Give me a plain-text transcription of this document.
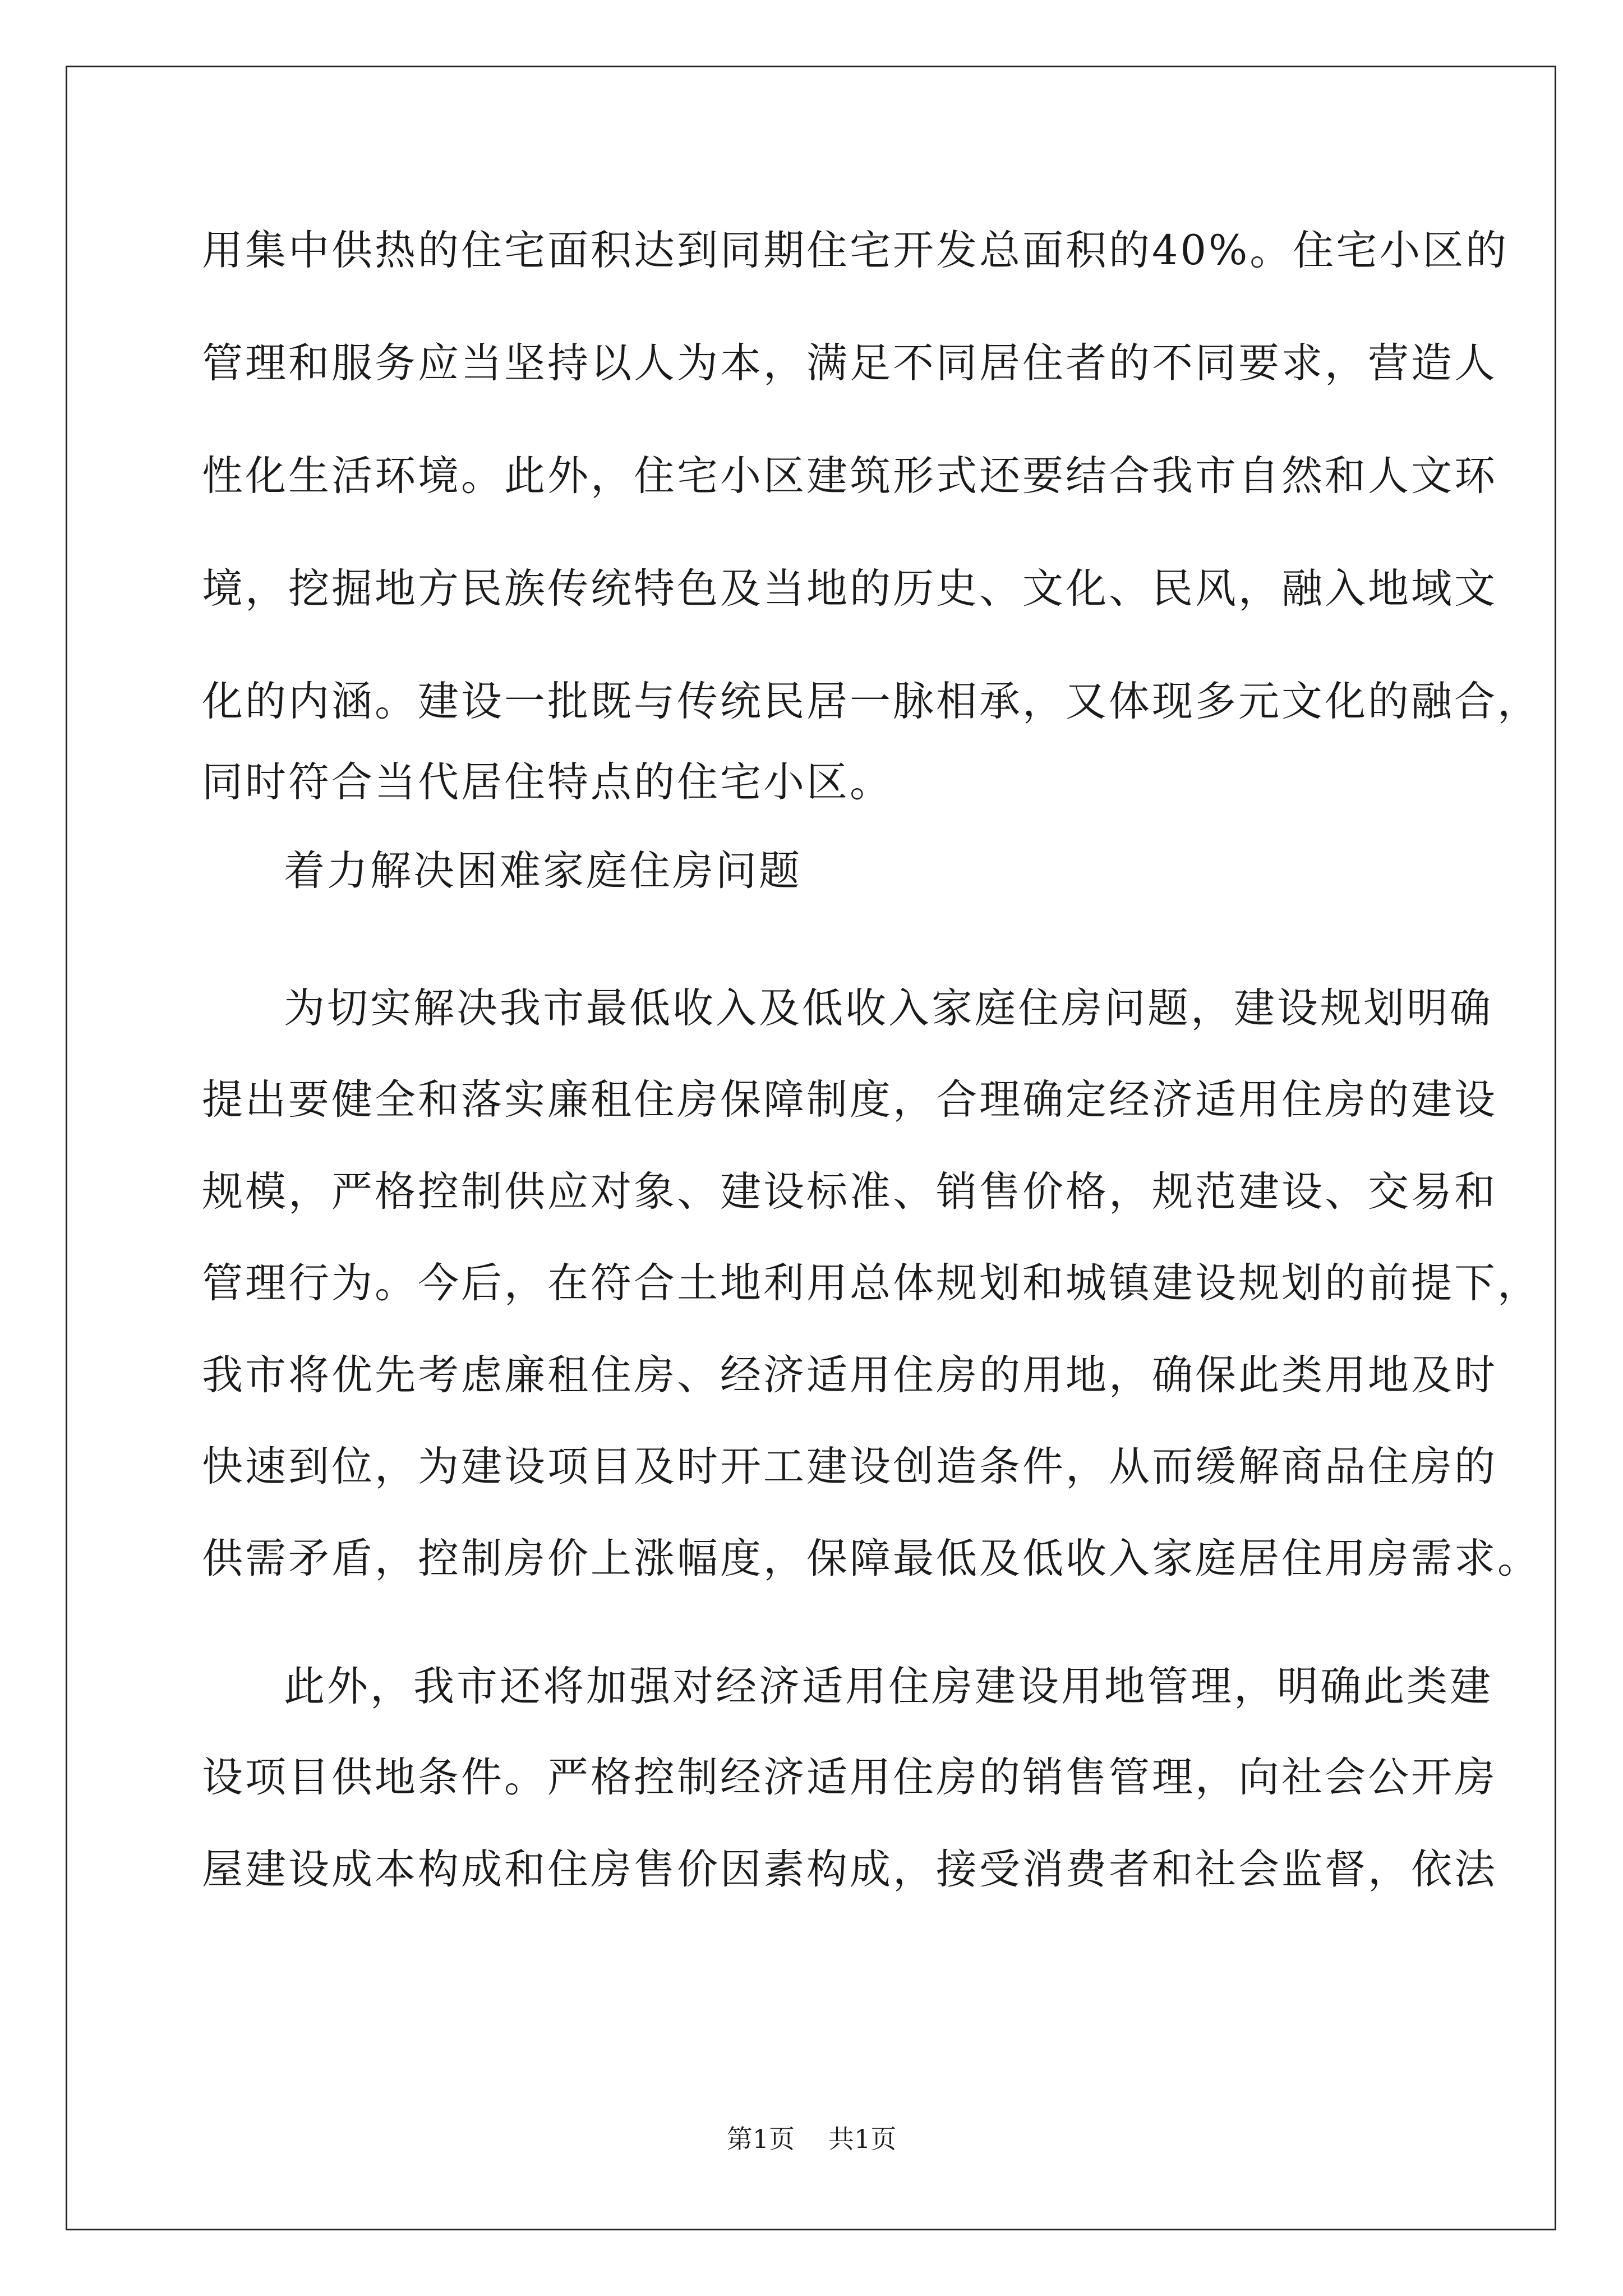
用集中供热的住宅面积达到同期住宅开发总面积的40%。住宅小区的
管理和服务应当坚持以人为本，满足不同居住者的不同要求，营造人
性化生活环境。此外，住宅小区建筑形式还要结合我市自然和人文环
境，挖掘地方民族传统特色及当地的历史、文化、民风，融入地域文
化的内涵。建设一批既与传统民居一脉相承，又体现多元文化的融合，
同时符合当代居住特点的住宅小区。
着力解决困难家庭住房问题
为切实解决我市最低收入及低收入家庭住房问题，建设规划明确
提出要健全和落实廉租住房保障制度，合理确定经济适用住房的建设
规模，严格控制供应对象、建设标准、销售价格，规范建设、交易和
管理行为。今后，在符合土地利用总体规划和城镇建设规划的前提下，
我市将优先考虑廉租住房、经济适用住房的用地，确保此类用地及时
快速到位，为建设项目及时开工建设创造条件，从而缓解商品住房的
供需矛盾，控制房价上涨幅度，保障最低及低收入家庭居住用房需求。
此外，我市还将加强对经济适用住房建设用地管理，明确此类建
设项目供地条件。严格控制经济适用住房的销售管理，向社会公开房
屋建设成本构成和住房售价因素构成，接受消费者和社会监督，依法
第1页 共1页
